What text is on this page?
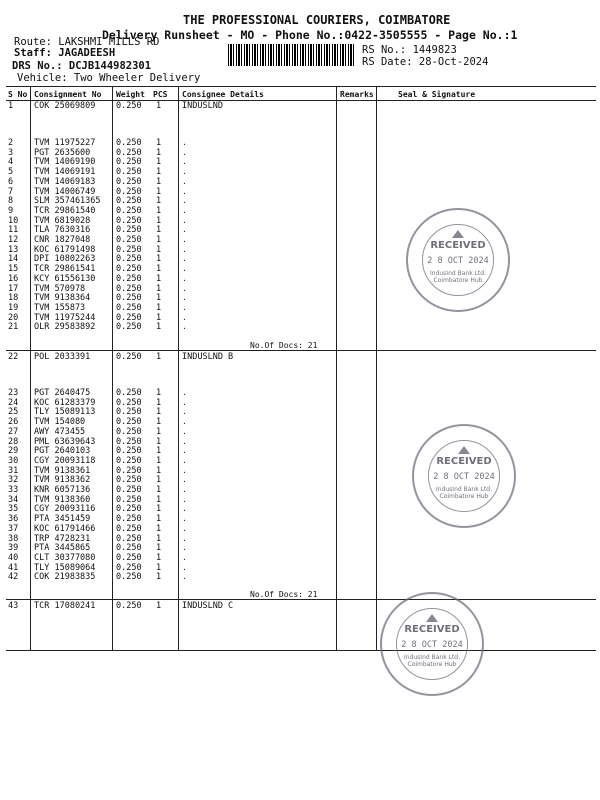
THE PROFESSIONAL COURIERS, COIMBATORE
Delivery Runsheet - MO - Phone No.:0422-3505555 - Page No.:1
Route: LAKSHMI MILLS RD
Staff: JAGADEESH
DRS No.: DCJB144982301
Vehicle: Two Wheeler Delivery
RS No.: 1449823
RS Date: 28-Oct-2024
S No Consignment No Weight PCS Consignee Details	Remarks	Seal & Signature
1 COK 25069809 0.250 1 INDUSLND
2 TVM 11975227 0.250 1	.
3 PGT 2635600	0.250 1	.
4 TVM 14069190 0.250 1	.
5 TVM 14069191 0.250 1	.
6 TVM 14069183 0.250 1	.
7 TVM 14006749 0.250 1	.
8 SLM 357461365 0.250 1	.
9 TCR 29861540 0.250 1	.
10 TVM 6819028	0.250 1	.
11 TLA 7630316	0.250 1	.
12 CNR 1827048	0.250 1	.
13 KOC 61791498 0.250 1	.
14 DPI 10802263 0.250 1	.
15 TCR 29861541 0.250 1	.
16 KCY 61556130 0.250 1	.
17 TVM 570978	0.250 1	.
18 TVM 9138364	0.250 1	.
19 TVM 155873	0.250 1	.
20 TVM 11975244 0.250 1	.
21 OLR 29583892 0.250 1	.
No.Of Docs: 21
22 POL 2033391	0.250 1 INDUSLND B
23 PGT 2640475	0.250 1	.
24 KOC 61283379 0.250 1	.
25 TLY 15089113 0.250 1	.
26 TVM 154080	0.250 1	.
27 AWY 473455	0.250 1	.
28 PML 63639643 0.250 1	.
29 PGT 2640103	0.250 1	.
30 CGY 20093118 0.250 1	.
31 TVM 9138361	0.250 1	.
32 TVM 9138362	0.250 1	.
33 KNR 6057136	0.250 1	.
34 TVM 9138360	0.250 1	.
35 CGY 20093116 0.250 1	.
36 PTA 3451459	0.250 1	.
37 KOC 61791466 0.250 1	.
38 TRP 4728231	0.250 1	.
39 PTA 3445865	0.250 1	.
40 CLT 30377080 0.250 1	.
41 TLY 15089064 0.250 1	.
42 COK 21983835 0.250 1	.
No.Of Docs: 21
43 TCR 17080241 0.250 1 INDUSLND C
RECEIVED
2 8 OCT 2024
IndusInd Bank Ltd. Coimbatore Hub
RECEIVED
2 8 OCT 2024
IndusInd Bank Ltd. Coimbatore Hub
RECEIVED
2 8 OCT 2024
IndusInd Bank Ltd. Coimbatore Hub
